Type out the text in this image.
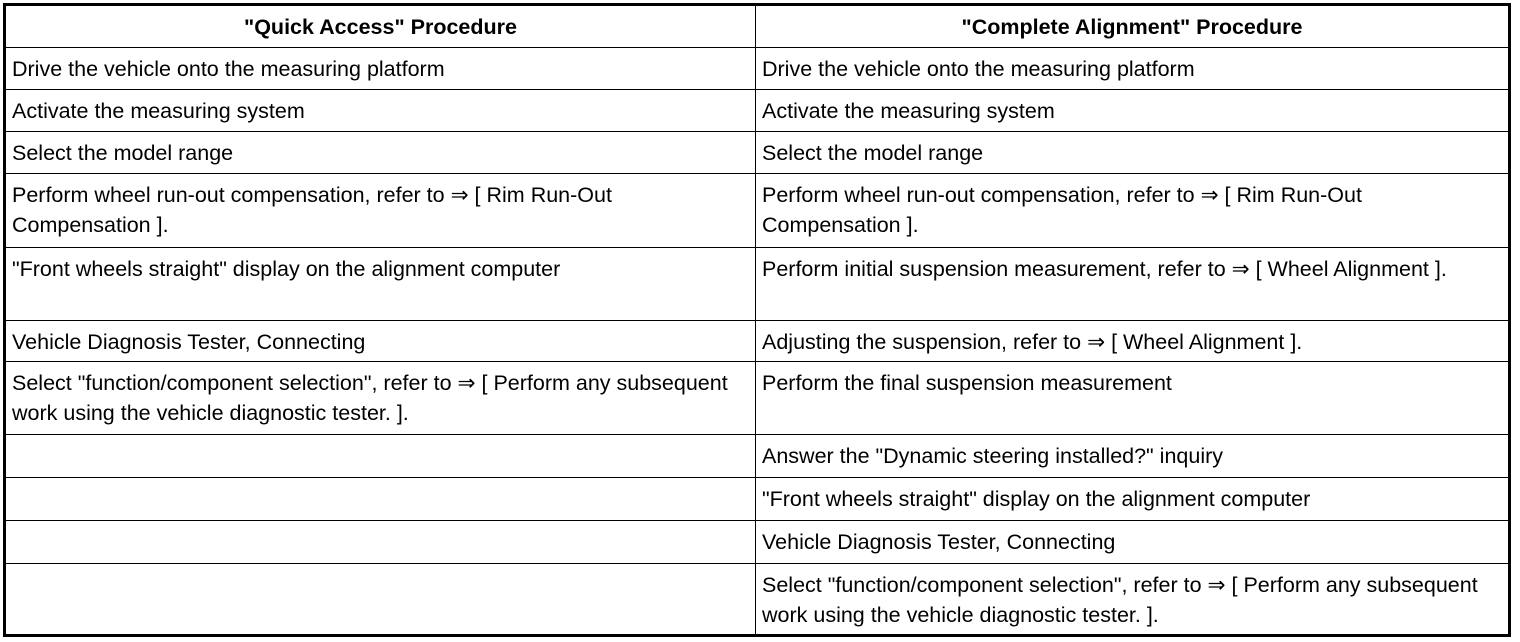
"Quick Access" Procedure	"Complete Alignment" Procedure

Drive the vehicle onto the measuring platform	Drive the vehicle onto the measuring platform

Activate the measuring system	Activate the measuring system

Select the model range	Select the model range

Perform wheel run-out compensation, refer to ⇒ [ Rim Run-Out Compensation ].	Perform wheel run-out compensation, refer to ⇒ [ Rim Run-Out Compensation ].

"Front wheels straight" display on the alignment computer	Perform initial suspension measurement, refer to ⇒ [ Wheel Alignment ].

Vehicle Diagnosis Tester, Connecting	Adjusting the suspension, refer to ⇒ [ Wheel Alignment ].

Select "function/component selection", refer to ⇒ [ Perform any subsequent work using the vehicle diagnostic tester. ].	Perform the final suspension measurement

	Answer the "Dynamic steering installed?" inquiry

	"Front wheels straight" display on the alignment computer

	Vehicle Diagnosis Tester, Connecting

	Select "function/component selection", refer to ⇒ [ Perform any subsequent work using the vehicle diagnostic tester. ].
